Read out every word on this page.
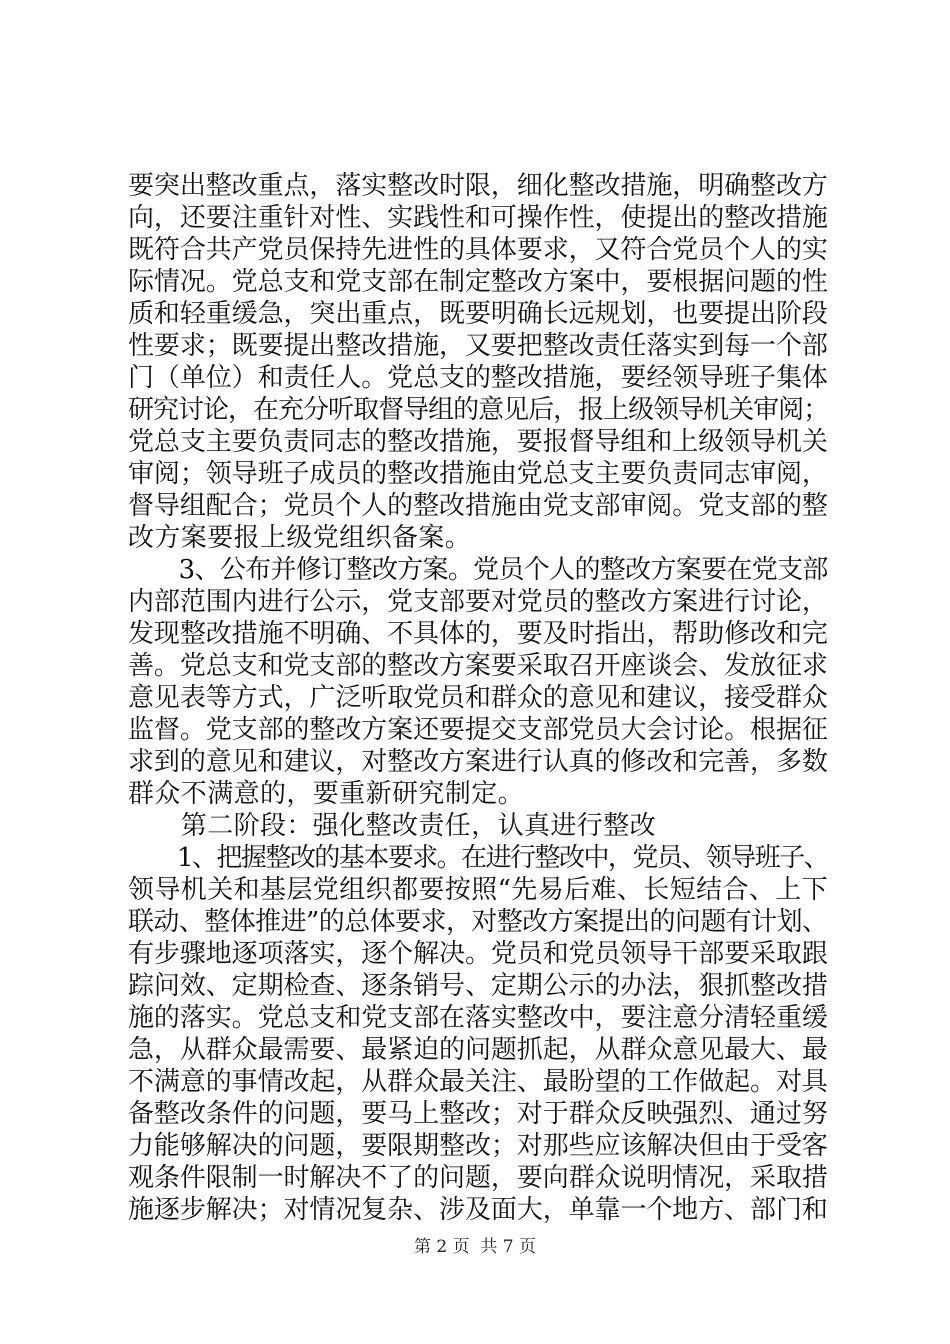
要突出整改重点，落实整改时限，细化整改措施，明确整改方
向，还要注重针对性、实践性和可操作性，使提出的整改措施
既符合共产党员保持先进性的具体要求，又符合党员个人的实
际情况。党总支和党支部在制定整改方案中，要根据问题的性
质和轻重缓急，突出重点，既要明确长远规划，也要提出阶段
性要求；既要提出整改措施，又要把整改责任落实到每一个部
门（单位）和责任人。党总支的整改措施，要经领导班子集体
研究讨论，在充分听取督导组的意见后，报上级领导机关审阅；
党总支主要负责同志的整改措施，要报督导组和上级领导机关
审阅；领导班子成员的整改措施由党总支主要负责同志审阅，
督导组配合；党员个人的整改措施由党支部审阅。党支部的整
改方案要报上级党组织备案。
　　3、公布并修订整改方案。党员个人的整改方案要在党支部
内部范围内进行公示，党支部要对党员的整改方案进行讨论，
发现整改措施不明确、不具体的，要及时指出，帮助修改和完
善。党总支和党支部的整改方案要采取召开座谈会、发放征求
意见表等方式，广泛听取党员和群众的意见和建议，接受群众
监督。党支部的整改方案还要提交支部党员大会讨论。根据征
求到的意见和建议，对整改方案进行认真的修改和完善，多数
群众不满意的，要重新研究制定。
　　第二阶段：强化整改责任，认真进行整改
　　1、把握整改的基本要求。在进行整改中，党员、领导班子、
领导机关和基层党组织都要按照“先易后难、长短结合、上下
联动、整体推进”的总体要求，对整改方案提出的问题有计划、
有步骤地逐项落实，逐个解决。党员和党员领导干部要采取跟
踪问效、定期检查、逐条销号、定期公示的办法，狠抓整改措
施的落实。党总支和党支部在落实整改中，要注意分清轻重缓
急，从群众最需要、最紧迫的问题抓起，从群众意见最大、最
不满意的事情改起，从群众最关注、最盼望的工作做起。对具
备整改条件的问题，要马上整改；对于群众反映强烈、通过努
力能够解决的问题，要限期整改；对那些应该解决但由于受客
观条件限制一时解决不了的问题，要向群众说明情况，采取措
施逐步解决；对情况复杂、涉及面大，单靠一个地方、部门和
第 2 页  共 7 页
